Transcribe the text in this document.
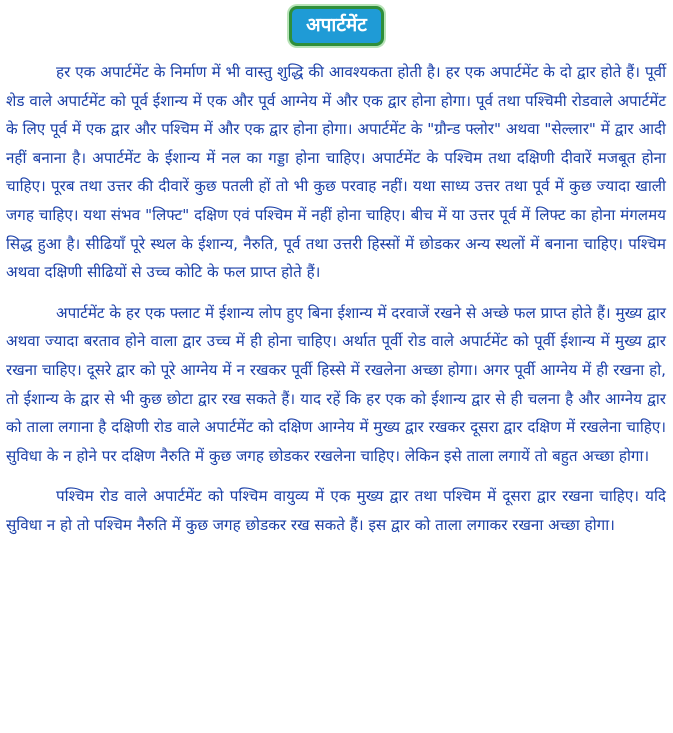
अपार्टमेंट

हर एक अपार्टमेंट के निर्माण में भी वास्तु शुद्धि की आवश्यकता होती है। हर एक अपार्टमेंट के दो द्वार होते हैं। पूर्वी शेड वाले अपार्टमेंट को पूर्व ईशान्य में एक और पूर्व आग्नेय में और एक द्वार होना होगा। पूर्व तथा पश्चिमी रोडवाले अपार्टमेंट के लिए पूर्व में एक द्वार और पश्चिम में और एक द्वार होना होगा। अपार्टमेंट के "ग्रौन्ड फ्लोर" अथवा "सेल्लार" में द्वार आदी नहीं बनाना है। अपार्टमेंट के ईशान्य में नल का गड्डा होना चाहिए। अपार्टमेंट के पश्चिम तथा दक्षिणी दीवारें मजबूत होना चाहिए। पूरब तथा उत्तर की दीवारें कुछ पतली हों तो भी कुछ परवाह नहीं। यथा साध्य उत्तर तथा पूर्व में कुछ ज्यादा खाली जगह चाहिए। यथा संभव "लिफ्ट" दक्षिण एवं पश्चिम में नहीं होना चाहिए। बीच में या उत्तर पूर्व में लिफ्ट का होना मंगलमय सिद्ध हुआ है। सीढियाँ पूरे स्थल के ईशान्य, नैरुति, पूर्व तथा उत्तरी हिस्सों में छोडकर अन्य स्थलों में बनाना चाहिए। पश्चिम अथवा दक्षिणी सीढियों से उच्च कोटि के फल प्राप्त होते हैं।

अपार्टमेंट के हर एक फ्लाट में ईशान्य लोप हुए बिना ईशान्य में दरवाजें रखने से अच्छे फल प्राप्त होते हैं। मुख्य द्वार अथवा ज्यादा बरताव होने वाला द्वार उच्च में ही होना चाहिए। अर्थात पूर्वी रोड वाले अपार्टमेंट को पूर्वी ईशान्य में मुख्य द्वार रखना चाहिए। दूसरे द्वार को पूरे आग्नेय में न रखकर पूर्वी हिस्से में रखलेना अच्छा होगा। अगर पूर्वी आग्नेय में ही रखना हो, तो ईशान्य के द्वार से भी कुछ छोटा द्वार रख सकते हैं। याद रहें कि हर एक को ईशान्य द्वार से ही चलना है और आग्नेय द्वार को ताला लगाना है दक्षिणी रोड वाले अपार्टमेंट को दक्षिण आग्नेय में मुख्य द्वार रखकर दूसरा द्वार दक्षिण में रखलेना चाहिए। सुविधा के न होने पर दक्षिण नैरुति में कुछ जगह छोडकर रखलेना चाहिए। लेकिन इसे ताला लगायें तो बहुत अच्छा होगा।

पश्चिम रोड वाले अपार्टमेंट को पश्चिम वायुव्य में एक मुख्य द्वार तथा पश्चिम में दूसरा द्वार रखना चाहिए। यदि सुविधा न हो तो पश्चिम नैरुति में कुछ जगह छोडकर रख सकते हैं। इस द्वार को ताला लगाकर रखना अच्छा होगा।
